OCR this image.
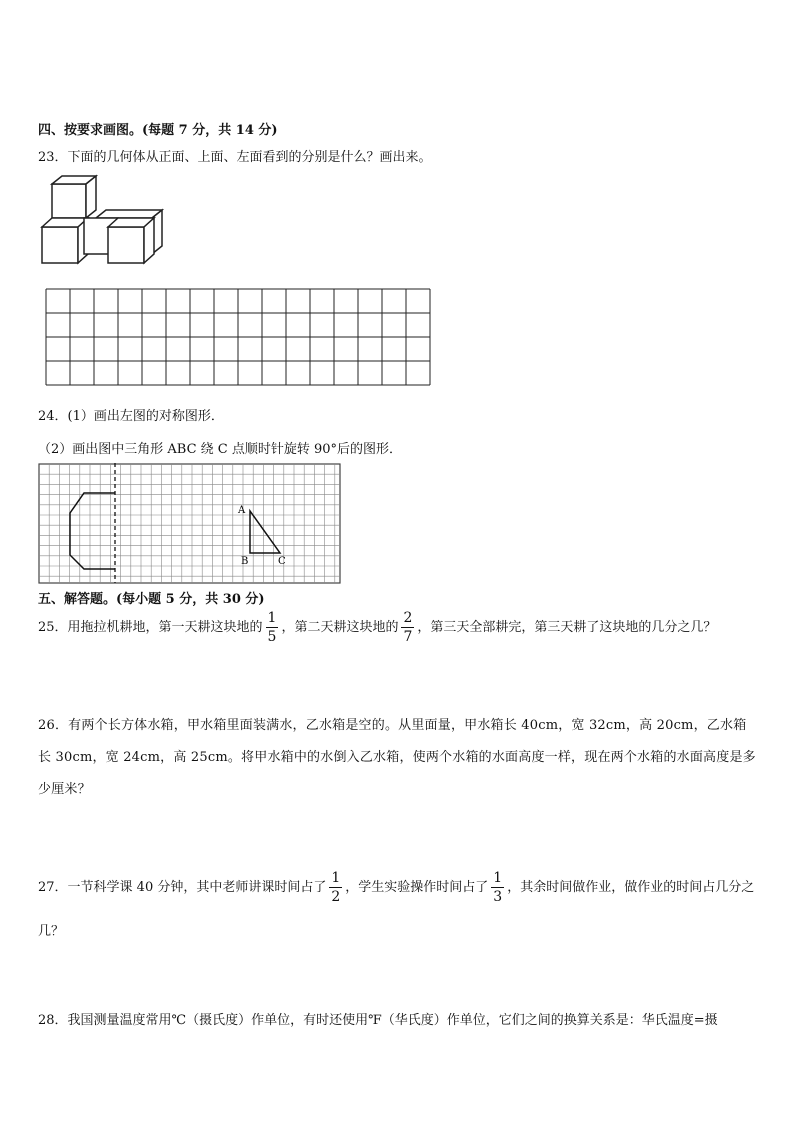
四、按要求画图。(每题 7 分，共 14 分)
23．下面的几何体从正面、上面、左面看到的分别是什么？画出来。
24．(1）画出左图的对称图形．
（2）画出图中三角形 ABC 绕 C 点顺时针旋转 90°后的图形．
A
B	C
五、解答题。(每小题 5 分，共 30 分)
25．用拖拉机耕地，第一天耕这块地的 $\frac{1}{5}$ ，第二天耕这块地的 $\frac{2}{7}$ ，第三天全部耕完，第三天耕了这块地的几分之几？
26．有两个长方体水箱，甲水箱里面装满水，乙水箱是空的。从里面量，甲水箱长 40cm，宽 32cm，高 20cm，乙水箱长 30cm，宽 24cm，高 25cm。将甲水箱中的水倒入乙水箱，使两个水箱的水面高度一样，现在两个水箱的水面高度是多少厘米？
27．一节科学课 40 分钟，其中老师讲课时间占了 $\frac{1}{2}$ ，学生实验操作时间占了 $\frac{1}{3}$ ，其余时间做作业，做作业的时间占几分之几？
28．我国测量温度常用℃（摄氏度）作单位，有时还使用℉（华氏度）作单位，它们之间的换算关系是：华氏温度=摄
